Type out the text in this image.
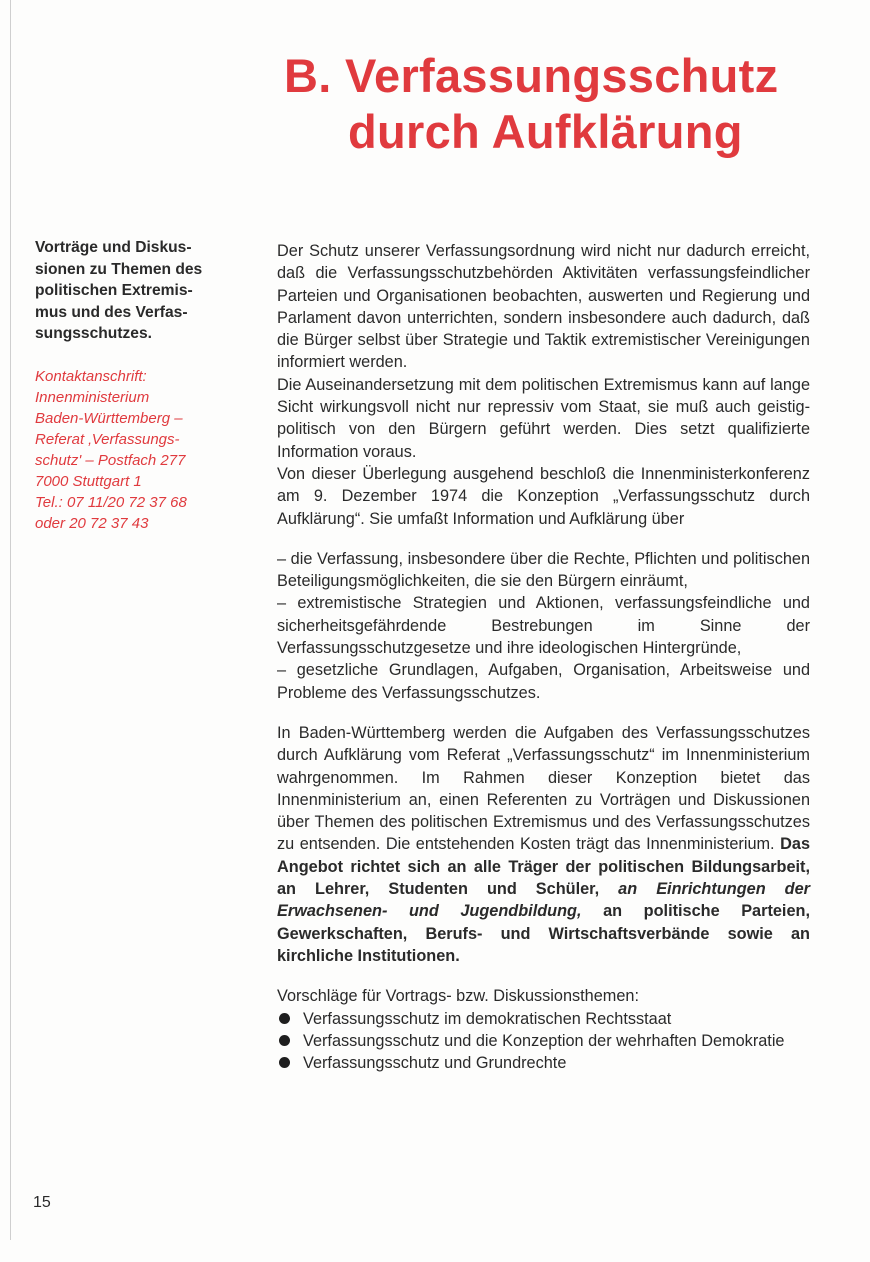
B. Verfassungsschutz
durch Aufklärung

Vorträge und Diskus-
sionen zu Themen des
politischen Extremis-
mus und des Verfas-
sungsschutzes.

Kontaktanschrift:
Innenministerium
Baden-Württemberg –
Referat ‚Verfassungs-
schutz' – Postfach 277
7000 Stuttgart 1
Tel.: 07 11/20 72 37 68
oder 20 72 37 43
15

Der Schutz unserer Verfassungsordnung wird nicht nur dadurch erreicht, daß die Verfassungsschutzbehörden Aktivitäten verfassungsfeindlicher Parteien und Organisationen beobachten, auswerten und Regierung und Parlament davon unterrichten, sondern insbesondere auch dadurch, daß die Bürger selbst über Strategie und Taktik extremistischer Vereinigungen informiert werden.

Die Auseinandersetzung mit dem politischen Extremismus kann auf lange Sicht wirkungsvoll nicht nur repressiv vom Staat, sie muß auch geistig-politisch von den Bürgern geführt werden. Dies setzt qualifizierte Information voraus.

Von dieser Überlegung ausgehend beschloß die Innenministerkonferenz am 9. Dezember 1974 die Konzeption „Verfassungsschutz durch Aufklärung“. Sie umfaßt Information und Aufklärung über

– die Verfassung, insbesondere über die Rechte, Pflichten und politischen Beteiligungsmöglichkeiten, die sie den Bürgern einräumt,

– extremistische Strategien und Aktionen, verfassungsfeindliche und sicherheitsgefährdende Bestrebungen im Sinne der Verfassungsschutzgesetze und ihre ideologischen Hintergründe,

– gesetzliche Grundlagen, Aufgaben, Organisation, Arbeitsweise und Probleme des Verfassungsschutzes.

In Baden-Württemberg werden die Aufgaben des Verfassungsschutzes durch Aufklärung vom Referat „Verfassungsschutz“ im Innenministerium wahrgenommen. Im Rahmen dieser Konzeption bietet das Innenministerium an, einen Referenten zu Vorträgen und Diskussionen über Themen des politischen Extremismus und des Verfassungsschutzes zu entsenden. Die entstehenden Kosten trägt das Innenministerium. Das Angebot richtet sich an alle Träger der politischen Bildungsarbeit, an Lehrer, Studenten und Schüler, an Einrichtungen der Erwachsenen- und Jugendbildung, an politische Parteien, Gewerkschaften, Berufs- und Wirtschaftsverbände sowie an kirchliche Institutionen.

Vorschläge für Vortrags- bzw. Diskussionsthemen:

Verfassungsschutz im demokratischen Rechtsstaat
Verfassungsschutz und die Konzeption der wehrhaften Demokratie
Verfassungsschutz und Grundrechte
